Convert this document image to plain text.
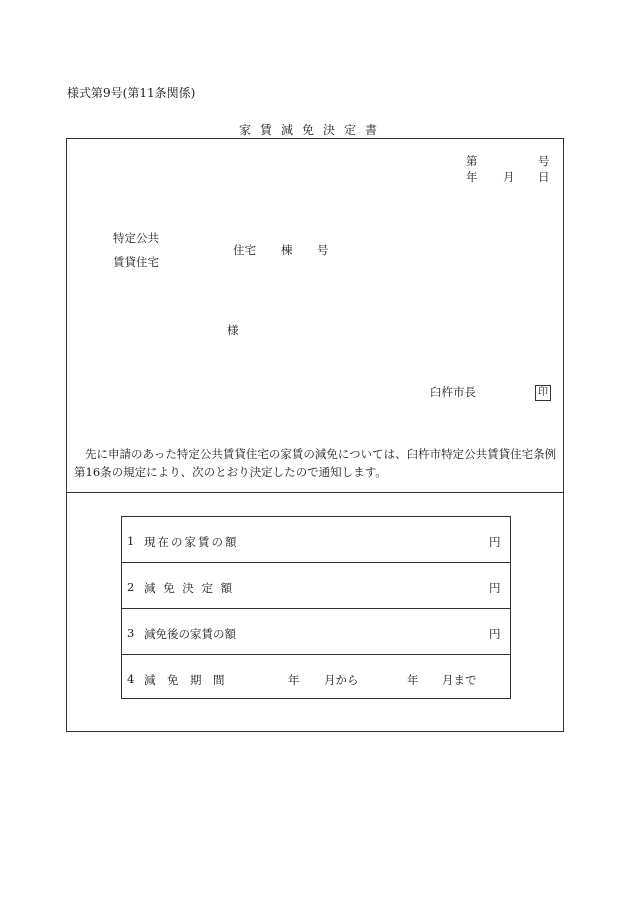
様式第9号(第11条関係)
家賃減免決定書
第	号
年 月 日
特定公共
賃貸住宅
住宅 棟 号
様
臼杵市長	印
先に申請のあった特定公共賃貸住宅の家賃の減免については、臼杵市特定公共賃貸住宅条例第16条の規定により、次のとおり決定したので通知します。
1 現在の家賃の額	円
2 減 免 決 定 額	円
3 減免後の家賃の額	円
4 減　免　期　間	年 月から	年 月まで
